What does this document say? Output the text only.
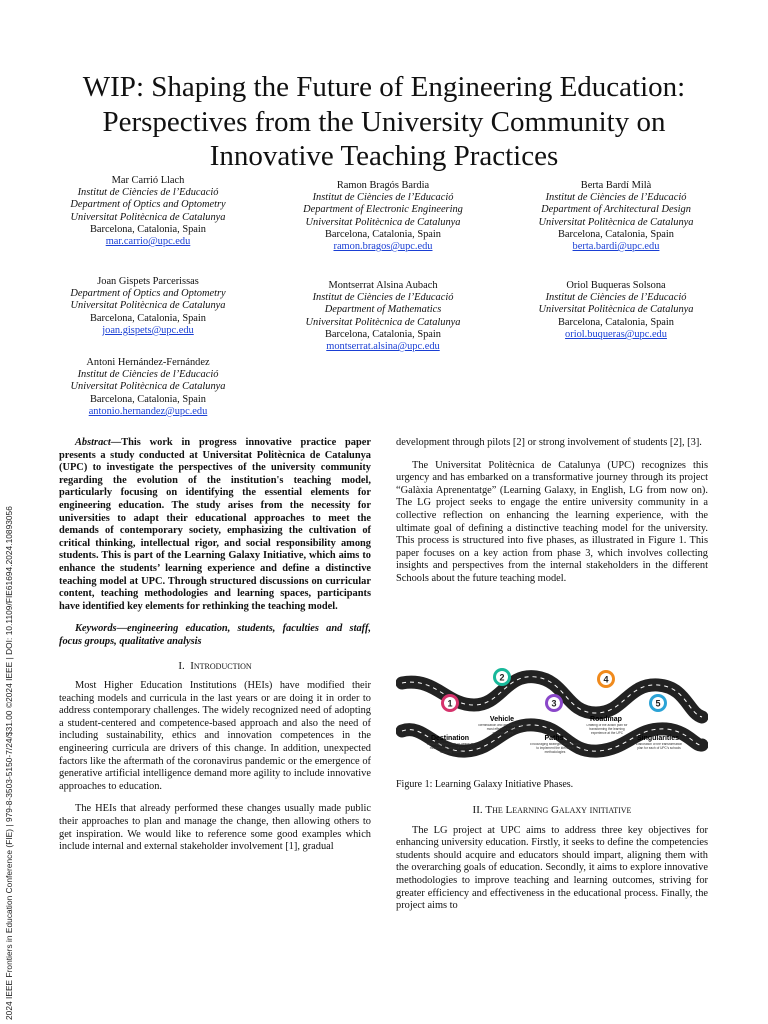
2024 IEEE Frontiers in Education Conference (FIE) | 979-8-3503-5150-7/24/$31.00 ©2024 IEEE | DOI: 10.1109/FIE61694.2024.10893056
WIP: Shaping the Future of Engineering Education: Perspectives from the University Community on Innovative Teaching Practices
Mar Carrió Llach
Institut de Ciències de l’Educació
Department of Optics and Optometry
Universitat Politècnica de Catalunya
Barcelona, Catalonia, Spain
mar.carrio@upc.edu
Ramon Bragós Bardia
Institut de Ciències de l’Educació
Department of Electronic Engineering
Universitat Politècnica de Catalunya
Barcelona, Catalonia, Spain
ramon.bragos@upc.edu
Berta Bardí Milà
Institut de Ciències de l’Educació
Department of Architectural Design
Universitat Politècnica de Catalunya
Barcelona, Catalonia, Spain
berta.bardi@upc.edu
Joan Gispets Parcerissas
Department of Optics and Optometry
Universitat Politècnica de Catalunya
Barcelona, Catalonia, Spain
joan.gispets@upc.edu
Montserrat Alsina Aubach
Institut de Ciències de l’Educació
Department of Mathematics
Universitat Politècnica de Catalunya
Barcelona, Catalonia, Spain
montserrat.alsina@upc.edu
Oriol Buqueras Solsona
Institut de Ciències de l’Educació
Universitat Politècnica de Catalunya
Barcelona, Catalonia, Spain
oriol.buqueras@upc.edu
Antoni Hernández-Fernández
Institut de Ciències de l’Educació
Universitat Politècnica de Catalunya
Barcelona, Catalonia, Spain
antonio.hernandez@upc.edu

Abstract—This work in progress innovative practice paper presents a study conducted at Universitat Politècnica de Catalunya (UPC) to investigate the perspectives of the university community regarding the evolution of the institution's teaching model, particularly focusing on identifying the essential elements for engineering education. The study arises from the necessity for universities to adapt their educational approaches to meet the demands of contemporary society, emphasizing the cultivation of critical thinking, intellectual rigor, and social responsibility among students. This is part of the Learning Galaxy Initiative, which aims to enhance the students’ learning experience and define a distinctive teaching model at UPC. Through structured discussions on curricular content, teaching methodologies and learning spaces, participants have identified key elements for rethinking the teaching model.

Keywords—engineering education, students, faculties and staff, focus groups, qualitative analysis

I. Introduction

Most Higher Education Institutions (HEIs) have modified their teaching models and curricula in the last years or are doing it in order to address contemporary challenges. The widely recognized need of adopting a student-centered and competence-based approach and also the need of including sustainability, ethics and innovation competences in the engineering curricula are drivers of this change. In addition, unexpected factors like the aftermath of the coronavirus pandemic or the emergence of generative artificial intelligence demand more agility to include innovative approaches to education.

The HEIs that already performed these changes usually made public their approaches to plan and manage the change, then allowing others to get inspiration. We would like to reference some good examples which include internal and external stakeholder involvement [1], gradual

development through pilots [2] or strong involvement of students [2], [3].

The Universitat Politècnica de Catalunya (UPC) recognizes this urgency and has embarked on a transformative journey through its project “Galàxia Aprenentatge” (Learning Galaxy, in English, LG from now on). The LG project seeks to engage the entire university community in a collective reflection on enhancing the learning experience, with the ultimate goal of defining a distinctive teaching model for the university. This process is structured into five phases, as illustrated in Figure 1. This paper focuses on a key action from phase 3, which involves collecting insights and perspectives from the internal stakeholders in the different Schools about the future teaching model.

1
2
3
4
5
Destination
Vehicle
Paths
Roadmap
Singularities
Participatory process to define the mission and vision of the UPC teaching model
Identification and description of the most effective teaching methodologies
Encouraging strategies and actions to implement the identified methodologies
Drafting of the action plan for transforming the learning experience at the UPC
Elaboration of the transformation plan for each of UPC's schools
Figure 1: Learning Galaxy Initiative Phases.

II. The Learning Galaxy initiative

The LG project at UPC aims to address three key objectives for enhancing university education. Firstly, it seeks to define the competencies students should acquire and educators should impart, aligning them with the overarching goals of education. Secondly, it aims to explore innovative methodologies to improve teaching and learning outcomes, striving for greater efficiency and effectiveness in the educational process. Finally, the project aims to
